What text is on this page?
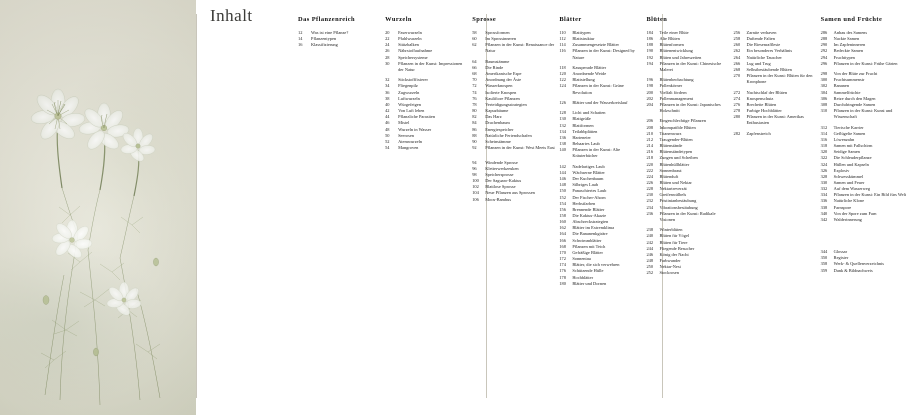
Inhalt	Das Pflanzenreich
12	Was ist eine Pflanze?
14	Pflanzentypen
16	Klassifizierung
Wurzeln
20	Faserwurzeln
22	Pfahlwurzeln
24	Stützbalken
26	Nährstoffaufnahme
28	Speichersysteme
30	Pflanzen in der Kunst: Impressionen der Natur
32	Stickstofffixierer
34	Fliegenpilz
36	Zugwurzeln
38	Luftwurzeln
40	Würgefeigen
42	Von Luft leben
44	Pflanzliche Parasiten
46	Mistel
48	Wurzeln in Wasser
50	Seerosen
52	Atemwurzeln
54	Mangroven
Sprosse
58	Sprossformen
60	Im Sprossinneren
62	Pflanzen in der Kunst: Renaissance der Natur
64	Baumstämme
66	Die Rinde
68	Amerikanische Espe
70	Anordnung der Äste
72	Wasserknospen
74	Isolierte Knospen
76	Kaulifiore Pflanzen
78	Verteidigungsstrategien
80	Kapuzbäume
82	Das Harz
84	Drachenbaum
86	Energiespeicher
88	Natürliche Feriendschafen
90	Scheinstämme
92	Pflanzen in der Kunst: West Meets East
94	Windende Sprosse
96	Kletterwerkzeuken
98	Speichersprosse
100	Der Saguaro-Kaktus
102	Blattlose Sprosse
104	Neue Pflanzen aus Sprossen
106	Moos-Bambus
Blätter
110	Blatttypen
112	Blattstruktur
114	Zusammengesetzte Blätter
116	Pflanzen in der Kunst: Designed by Nature
118	Kasuperade Blätter
120	Anordnende Weide
122	Blattstellung
124	Pflanzen in der Kunst: Grüne Revolution
126	Blätter und der Wasserkreislauf
128	Licht und Schatten
130	Blattgrüße
132	Blattformen
134	Teilabbplätten
136	Harteneier
138	Behaartes Laub
140	Pflanzen in der Kunst: Alte Kräuterbücher
142	Nadelartiges Laub
144	Wächserne Blätter
146	Der Kuchenbaum
148	Silbriges Laub
150	Panaschiertes Laub
152	Der Fischer-Ahorn
154	Herbstfarben
156	Brennende Blätter
158	Die Kaktus-Akazie
160	Abschreckstrategien
162	Blätter im Extremklima
164	Die Bananenkgiräre
166	Schwimmblätter
168	Pflanzen mit Teich
170	Gefräßige Blätter
172	Sonnentau
174	Blätter, die sich verwehren
176	Schützende Hülle
178	Hochblätter
180	Blätter und Dornen
Blüten
184	Teile einer Blüte
186	Alte Blüten
188	Blütenformen
190	Blütenentwicklung
192	Blüten und Jahreszeiten
194	Pflanzen in der Kunst: Chinesische Malerei
196	Blütenbeobachtung
198	Pollenkörner
200	Vielfalt fördern
202	Pollenmanagement
204	Pflanzen in der Kunst: Japanisches Holzschnitt
206	Eingeschlechtige Pflanzen
208	Inkompatible Blüten
210	Titanenwurz
212	Traugender-Blüten
214	Blütenstände
216	Blütenständetypen
218	Zungen und Scheiben
220	Blütenhüllblätter
222	Sonnenbraut
224	Blütenduft
226	Blüten und Nektar
228	Nektartreverzät
230	Greifenwälbels
232	Pristinianbestäubung
234	Vibrationsbestäubung
236	Pflanzen in der Kunst: Radikale Visionen
238	Winterblüten
240	Blüten für Vögel
242	Blüten für Tiere
244	Fliegende Besucher
246	König der Nacht
248	Farbwunder
250	Nektar-Nest
252	Stockrosen

256	Zarnite verhaven
258	Duftende Falten
260	Die Riesenrafflesie
262	Ein besonderes Verhältnis
264	Natürliche Tauscher
266	Lug und Trug
268	Selbstbestäubende Blüten
270	Pflanzen in der Kunst: Blüten für den Kronphone
272	Nachtschlaf der Blüten
274	Knospenschutz
276	Brechette Blüten
278	Farbige Hochblätter
280	Pflanzen in der Kunst: Amerikas Enthusiasten
282	Zapfenstreich
Samen und Früchte
286	Anbau des Samens
288	Nackte Samen
290	Im Zapfeninneren
292	Bedeckte Samen
294	Fruchttypen
296	Pflanzen in der Kunst: Frühe Gärten
298	Von der Blüte zur Frucht
300	Fruchtsummenstr
302	Bananen
304	Sammelfrüchte
306	Reize durch den Magen
308	Durchdringende Samen
310	Pflanzen in der Kunst: Kunst und Wissenschaft
312	Tierische Karrier
314	Geflügelte Samen
316	Löwenzahn
318	Samen mit Fallschirm
320	Seidige Samen
322	Die Schleuderpflanze
324	Hüllen und Kapseln
326	Explosiv
328	Schwesskümmel
330	Samen und Feuer
332	Auf dem Wasserweg
334	Pflanzen in der Kunst: Ein Bild fürs Welt
336	Natürliche Klone
338	Farnspore
340	Von der Spore zum Farn
342	Walderinnerung
344	Glossar
350	Register
358	Werk- & Quellenverzeichnis
359	Dank & Bildnachweis
